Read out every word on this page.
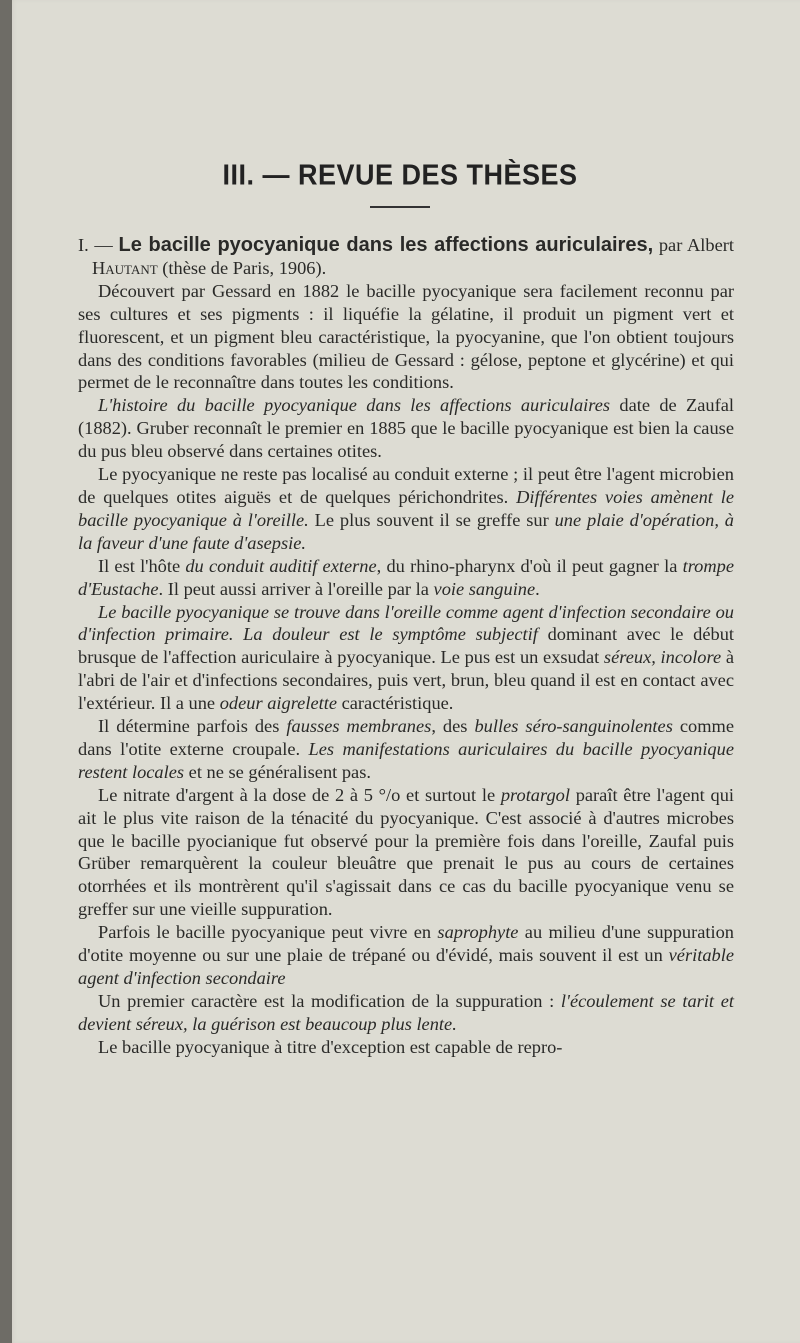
III. — REVUE DES THÈSES

I. — Le bacille pyocyanique dans les affections auriculaires, par Albert Hautant (thèse de Paris, 1906).

Découvert par Gessard en 1882 le bacille pyocyanique sera facilement reconnu par ses cultures et ses pigments : il liquéfie la gélatine, il produit un pigment vert et fluorescent, et un pigment bleu caractéristique, la pyocyanine, que l'on obtient toujours dans des conditions favorables (milieu de Gessard : gélose, peptone et glycérine) et qui permet de le reconnaître dans toutes les conditions.

L'histoire du bacille pyocyanique dans les affections auriculaires date de Zaufal (1882). Gruber reconnaît le premier en 1885 que le bacille pyocyanique est bien la cause du pus bleu observé dans certaines otites.

Le pyocyanique ne reste pas localisé au conduit externe ; il peut être l'agent microbien de quelques otites aiguës et de quelques périchondrites. Différentes voies amènent le bacille pyocyanique à l'oreille. Le plus souvent il se greffe sur une plaie d'opération, à la faveur d'une faute d'asepsie.

Il est l'hôte du conduit auditif externe, du rhino-pharynx d'où il peut gagner la trompe d'Eustache. Il peut aussi arriver à l'oreille par la voie sanguine.

Le bacille pyocyanique se trouve dans l'oreille comme agent d'infection secondaire ou d'infection primaire. La douleur est le symptôme subjectif dominant avec le début brusque de l'affection auriculaire à pyocyanique. Le pus est un exsudat séreux, incolore à l'abri de l'air et d'infections secondaires, puis vert, brun, bleu quand il est en contact avec l'extérieur. Il a une odeur aigrelette caractéristique.

Il détermine parfois des fausses membranes, des bulles séro-sanguinolentes comme dans l'otite externe croupale. Les manifestations auriculaires du bacille pyocyanique restent locales et ne se généralisent pas.

Le nitrate d'argent à la dose de 2 à 5 °/o et surtout le protargol paraît être l'agent qui ait le plus vite raison de la ténacité du pyocyanique. C'est associé à d'autres microbes que le bacille pyocianique fut observé pour la première fois dans l'oreille, Zaufal puis Grüber remarquèrent la couleur bleuâtre que prenait le pus au cours de certaines otorrhées et ils montrèrent qu'il s'agissait dans ce cas du bacille pyocyanique venu se greffer sur une vieille suppuration.

Parfois le bacille pyocyanique peut vivre en saprophyte au milieu d'une suppuration d'otite moyenne ou sur une plaie de trépané ou d'évidé, mais souvent il est un véritable agent d'infection secondaire

Un premier caractère est la modification de la suppuration : l'écoulement se tarit et devient séreux, la guérison est beaucoup plus lente.

Le bacille pyocyanique à titre d'exception est capable de repro-
